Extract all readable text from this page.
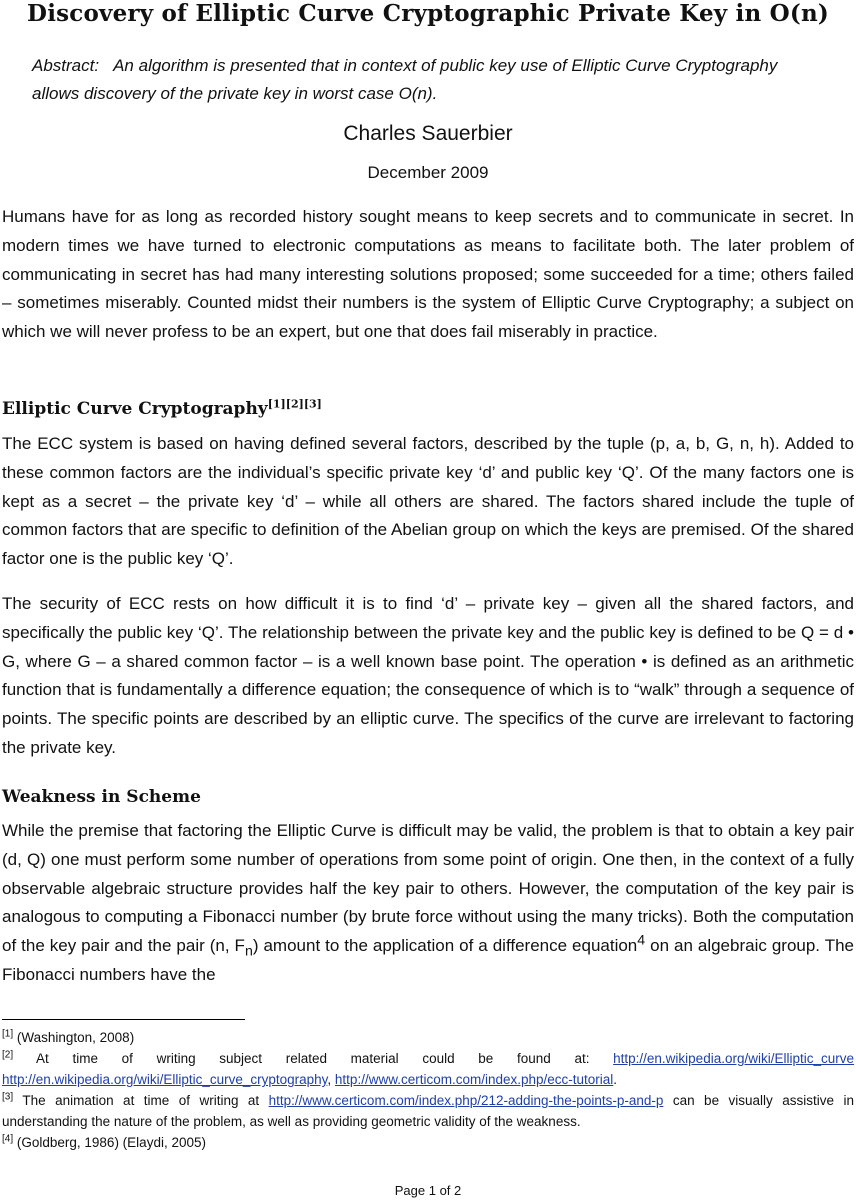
Discovery of Elliptic Curve Cryptographic Private Key in O(n)
Abstract: An algorithm is presented that in context of public key use of Elliptic Curve Cryptography allows discovery of the private key in worst case O(n).
Charles Sauerbier
December 2009

Humans have for as long as recorded history sought means to keep secrets and to communicate in secret. In modern times we have turned to electronic computations as means to facilitate both. The later problem of communicating in secret has had many interesting solutions proposed; some succeeded for a time; others failed – sometimes miserably. Counted midst their numbers is the system of Elliptic Curve Cryptography; a subject on which we will never profess to be an expert, but one that does fail miserably in practice.

Elliptic Curve Cryptography[1][2][3]

The ECC system is based on having defined several factors, described by the tuple (p, a, b, G, n, h). Added to these common factors are the individual’s specific private key ‘d’ and public key ‘Q’. Of the many factors one is kept as a secret – the private key ‘d’ – while all others are shared. The factors shared include the tuple of common factors that are specific to definition of the Abelian group on which the keys are premised. Of the shared factor one is the public key ‘Q’.

The security of ECC rests on how difficult it is to find ‘d’ – private key – given all the shared factors, and specifically the public key ‘Q’. The relationship between the private key and the public key is defined to be Q = d • G, where G – a shared common factor – is a well known base point. The operation • is defined as an arithmetic function that is fundamentally a difference equation; the consequence of which is to “walk” through a sequence of points. The specific points are described by an elliptic curve. The specifics of the curve are irrelevant to factoring the private key.

Weakness in Scheme

While the premise that factoring the Elliptic Curve is difficult may be valid, the problem is that to obtain a key pair (d, Q) one must perform some number of operations from some point of origin. One then, in the context of a fully observable algebraic structure provides half the key pair to others. However, the computation of the key pair is analogous to computing a Fibonacci number (by brute force without using the many tricks). Both the computation of the key pair and the pair (n, $F_n$) amount to the application of a difference equation$^4$ on an algebraic group. The Fibonacci numbers have the

[1] (Washington, 2008)
[2] At time of writing subject related material could be found at: http://en.wikipedia.org/wiki/Elliptic_curve http://en.wikipedia.org/wiki/Elliptic_curve_cryptography, http://www.certicom.com/index.php/ecc-tutorial.
[3] The animation at time of writing at http://www.certicom.com/index.php/212-adding-the-points-p-and-p can be visually assistive in understanding the nature of the problem, as well as providing geometric validity of the weakness.
[4] (Goldberg, 1986) (Elaydi, 2005)
Page 1 of 2
